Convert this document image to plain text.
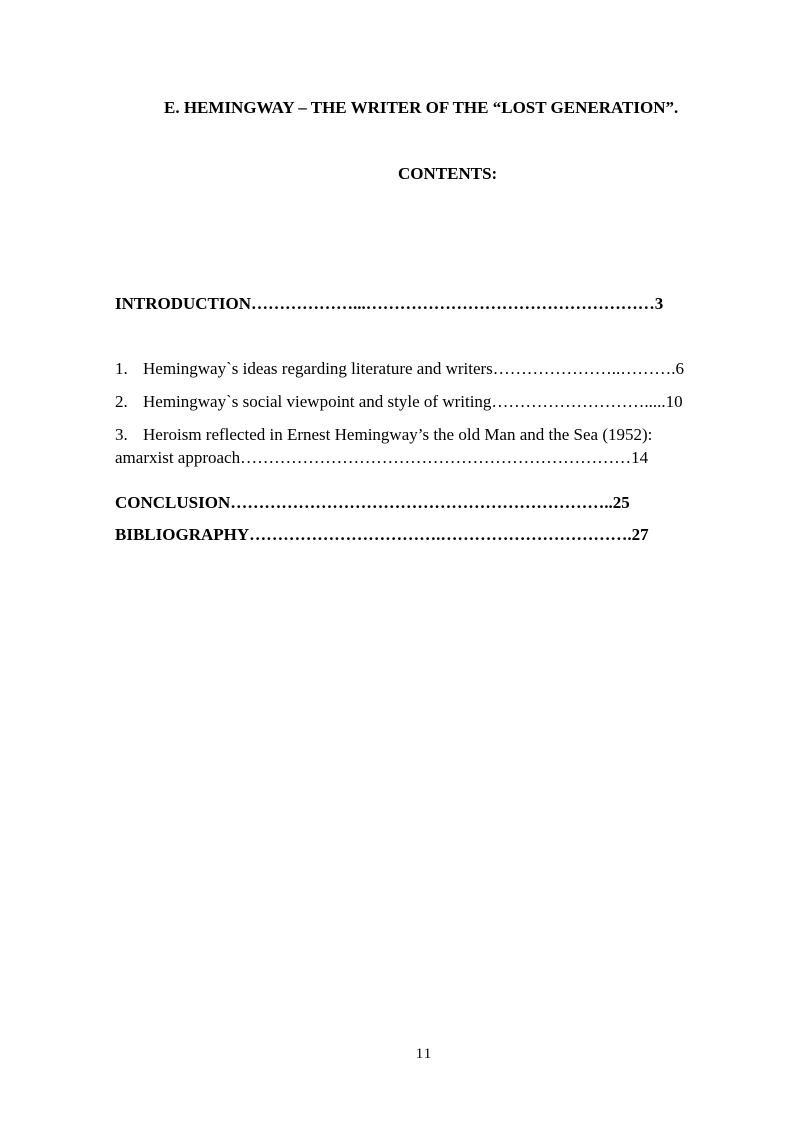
E. HEMINGWAY – THE WRITER OF THE “LOST GENERATION”.
CONTENTS:

INTRODUCTION………………...……………………………………………3

1. Hemingway`s ideas regarding literature and writers…………………..……….6

2. Hemingway`s social viewpoint and style of writing……………………….....10

3. Heroism reflected in Ernest Hemingway’s the old Man and the Sea (1952):

amarxist approach……………………………………………………………14

CONCLUSION…………………………………………………………..25

BIBLIOGRAPHY…………………………….…………………………….27

11
